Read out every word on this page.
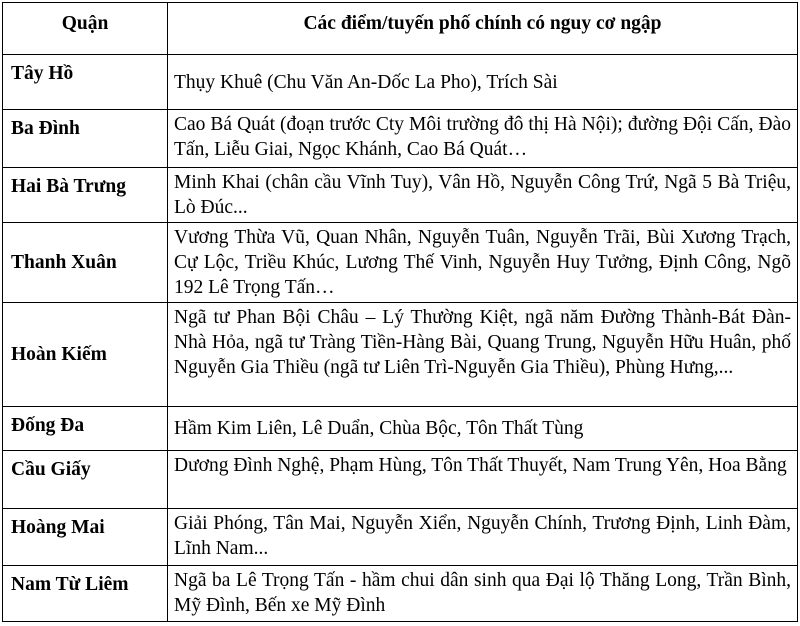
Quận	Các điểm/tuyến phố chính có nguy cơ ngập
Tây Hồ	Thụy Khuê (Chu Văn An-Dốc La Pho), Trích Sài
Ba Đình	Cao Bá Quát (đoạn trước Cty Môi trường đô thị Hà Nội); đường Đội Cấn, Đào Tấn, Liễu Giai, Ngọc Khánh, Cao Bá Quát…
Hai Bà Trưng	Minh Khai (chân cầu Vĩnh Tuy), Vân Hồ, Nguyễn Công Trứ, Ngã 5 Bà Triệu, Lò Đúc...
Thanh Xuân	Vương Thừa Vũ, Quan Nhân, Nguyễn Tuân, Nguyễn Trãi, Bùi Xương Trạch, Cự Lộc, Triều Khúc, Lương Thế Vinh, Nguyễn Huy Tưởng, Định Công, Ngõ 192 Lê Trọng Tấn…
Hoàn Kiếm	Ngã tư Phan Bội Châu – Lý Thường Kiệt, ngã năm Đường Thành-Bát Đàn-Nhà Hỏa, ngã tư Tràng Tiền-Hàng Bài, Quang Trung, Nguyễn Hữu Huân, phố Nguyễn Gia Thiều (ngã tư Liên Trì-Nguyễn Gia Thiều), Phùng Hưng,...
Đống Đa	Hầm Kim Liên, Lê Duẩn, Chùa Bộc, Tôn Thất Tùng
Cầu Giấy	Dương Đình Nghệ, Phạm Hùng, Tôn Thất Thuyết, Nam Trung Yên, Hoa Bằng
Hoàng Mai	Giải Phóng, Tân Mai, Nguyễn Xiển, Nguyễn Chính, Trương Định, Linh Đàm, Lĩnh Nam...
Nam Từ Liêm	Ngã ba Lê Trọng Tấn - hầm chui dân sinh qua Đại lộ Thăng Long, Trần Bình, Mỹ Đình, Bến xe Mỹ Đình
